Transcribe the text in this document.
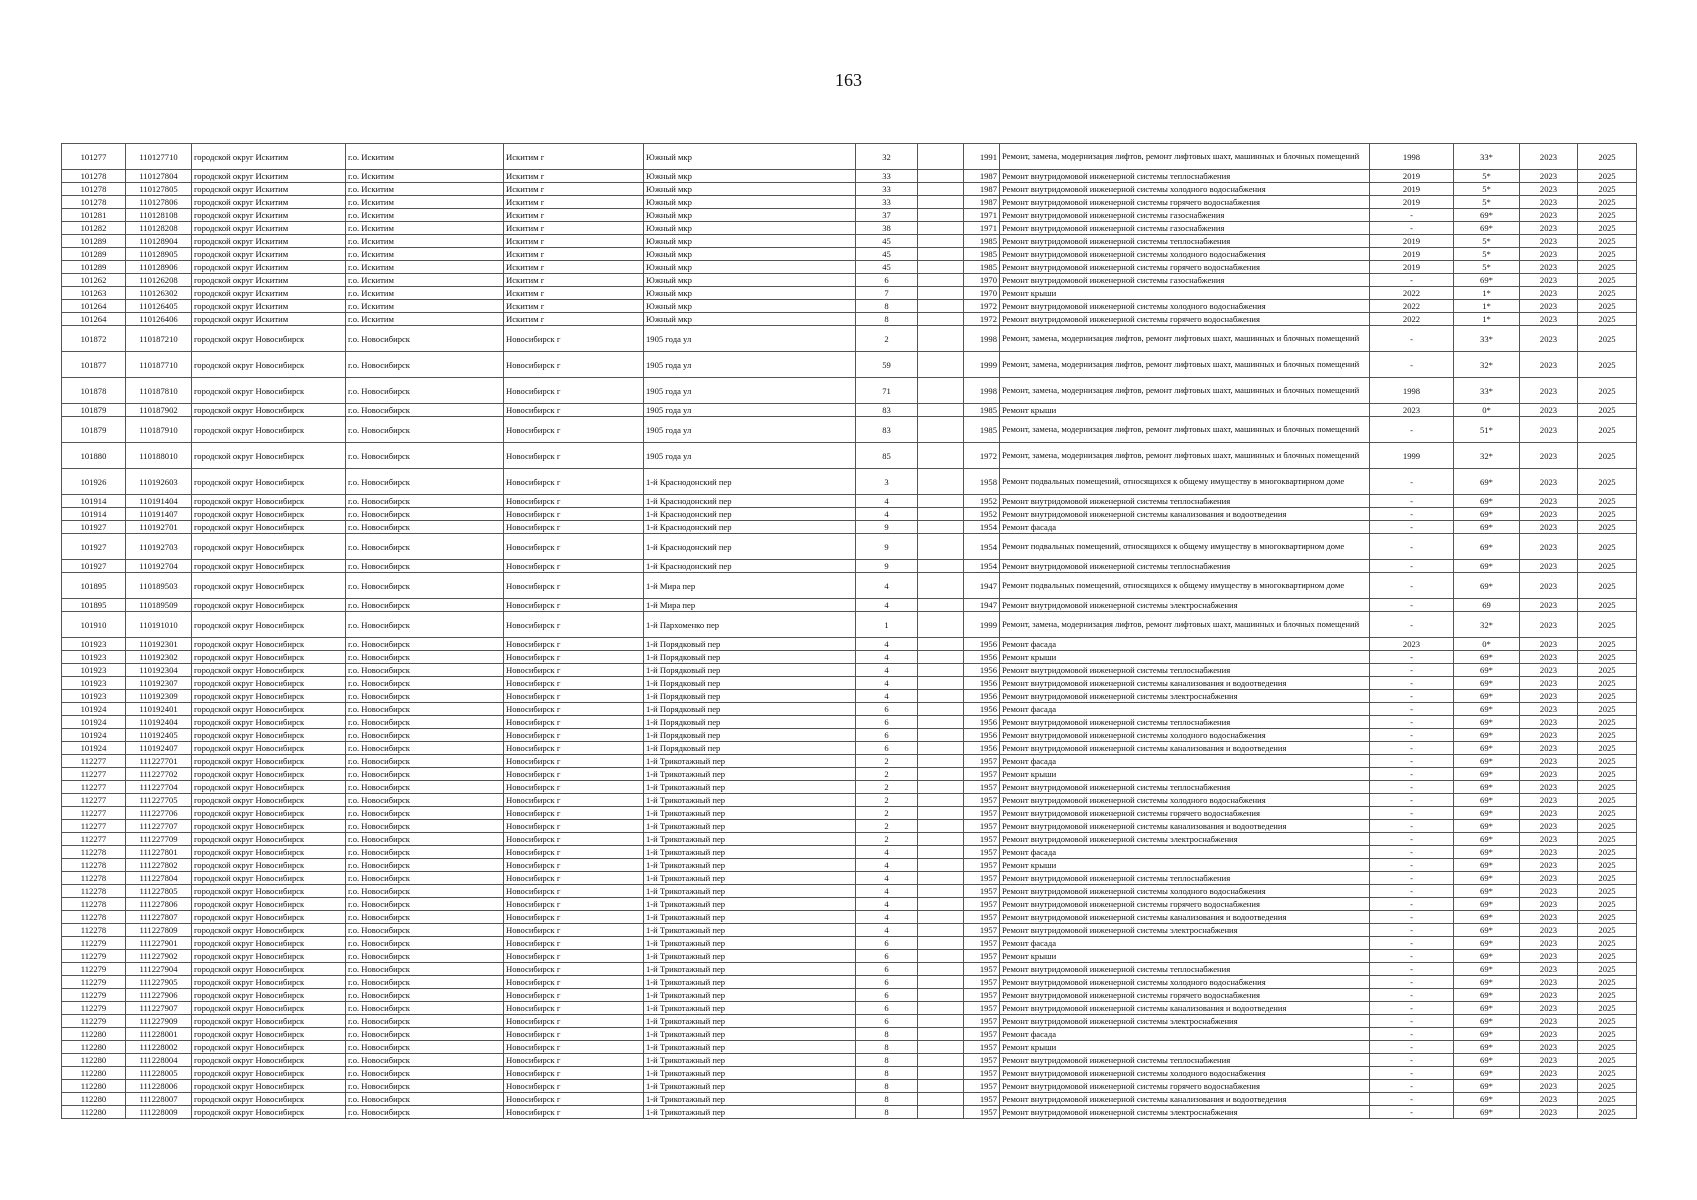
163
101277	110127710	городской округ Искитим	г.о. Искитим	Искитим г	Южный мкр	32		1991	Ремонт, замена, модернизация лифтов, ремонт лифтовых шахт, машинных и блочных помещений	1998	33*	2023	2025
101278	110127804	городской округ Искитим	г.о. Искитим	Искитим г	Южный мкр	33		1987	Ремонт внутридомовой инженерной системы теплоснабжения	2019	5*	2023	2025
101278	110127805	городской округ Искитим	г.о. Искитим	Искитим г	Южный мкр	33		1987	Ремонт внутридомовой инженерной системы холодного водоснабжения	2019	5*	2023	2025
101278	110127806	городской округ Искитим	г.о. Искитим	Искитим г	Южный мкр	33		1987	Ремонт внутридомовой инженерной системы горячего водоснабжения	2019	5*	2023	2025
101281	110128108	городской округ Искитим	г.о. Искитим	Искитим г	Южный мкр	37		1971	Ремонт внутридомовой инженерной системы газоснабжения	-	69*	2023	2025
101282	110128208	городской округ Искитим	г.о. Искитим	Искитим г	Южный мкр	38		1971	Ремонт внутридомовой инженерной системы газоснабжения	-	69*	2023	2025
101289	110128904	городской округ Искитим	г.о. Искитим	Искитим г	Южный мкр	45		1985	Ремонт внутридомовой инженерной системы теплоснабжения	2019	5*	2023	2025
101289	110128905	городской округ Искитим	г.о. Искитим	Искитим г	Южный мкр	45		1985	Ремонт внутридомовой инженерной системы холодного водоснабжения	2019	5*	2023	2025
101289	110128906	городской округ Искитим	г.о. Искитим	Искитим г	Южный мкр	45		1985	Ремонт внутридомовой инженерной системы горячего водоснабжения	2019	5*	2023	2025
101262	110126208	городской округ Искитим	г.о. Искитим	Искитим г	Южный мкр	6		1970	Ремонт внутридомовой инженерной системы газоснабжения	-	69*	2023	2025
101263	110126302	городской округ Искитим	г.о. Искитим	Искитим г	Южный мкр	7		1970	Ремонт крыши	2022	1*	2023	2025
101264	110126405	городской округ Искитим	г.о. Искитим	Искитим г	Южный мкр	8		1972	Ремонт внутридомовой инженерной системы холодного водоснабжения	2022	1*	2023	2025
101264	110126406	городской округ Искитим	г.о. Искитим	Искитим г	Южный мкр	8		1972	Ремонт внутридомовой инженерной системы горячего водоснабжения	2022	1*	2023	2025
101872	110187210	городской округ Новосибирск	г.о. Новосибирск	Новосибирск г	1905 года ул	2		1998	Ремонт, замена, модернизация лифтов, ремонт лифтовых шахт, машинных и блочных помещений	-	33*	2023	2025
101877	110187710	городской округ Новосибирск	г.о. Новосибирск	Новосибирск г	1905 года ул	59		1999	Ремонт, замена, модернизация лифтов, ремонт лифтовых шахт, машинных и блочных помещений	-	32*	2023	2025
101878	110187810	городской округ Новосибирск	г.о. Новосибирск	Новосибирск г	1905 года ул	71		1998	Ремонт, замена, модернизация лифтов, ремонт лифтовых шахт, машинных и блочных помещений	1998	33*	2023	2025
101879	110187902	городской округ Новосибирск	г.о. Новосибирск	Новосибирск г	1905 года ул	83		1985	Ремонт крыши	2023	0*	2023	2025
101879	110187910	городской округ Новосибирск	г.о. Новосибирск	Новосибирск г	1905 года ул	83		1985	Ремонт, замена, модернизация лифтов, ремонт лифтовых шахт, машинных и блочных помещений	-	51*	2023	2025
101880	110188010	городской округ Новосибирск	г.о. Новосибирск	Новосибирск г	1905 года ул	85		1972	Ремонт, замена, модернизация лифтов, ремонт лифтовых шахт, машинных и блочных помещений	1999	32*	2023	2025
101926	110192603	городской округ Новосибирск	г.о. Новосибирск	Новосибирск г	1-й Краснодонский пер	3		1958	Ремонт подвальных помещений, относящихся к общему имуществу в многоквартирном доме	-	69*	2023	2025
101914	110191404	городской округ Новосибирск	г.о. Новосибирск	Новосибирск г	1-й Краснодонский пер	4		1952	Ремонт внутридомовой инженерной системы теплоснабжения	-	69*	2023	2025
101914	110191407	городской округ Новосибирск	г.о. Новосибирск	Новосибирск г	1-й Краснодонский пер	4		1952	Ремонт внутридомовой инженерной системы канализования и водоотведения	-	69*	2023	2025
101927	110192701	городской округ Новосибирск	г.о. Новосибирск	Новосибирск г	1-й Краснодонский пер	9		1954	Ремонт фасада	-	69*	2023	2025
101927	110192703	городской округ Новосибирск	г.о. Новосибирск	Новосибирск г	1-й Краснодонский пер	9		1954	Ремонт подвальных помещений, относящихся к общему имуществу в многоквартирном доме	-	69*	2023	2025
101927	110192704	городской округ Новосибирск	г.о. Новосибирск	Новосибирск г	1-й Краснодонский пер	9		1954	Ремонт внутридомовой инженерной системы теплоснабжения	-	69*	2023	2025
101895	110189503	городской округ Новосибирск	г.о. Новосибирск	Новосибирск г	1-й Мира пер	4		1947	Ремонт подвальных помещений, относящихся к общему имуществу в многоквартирном доме	-	69*	2023	2025
101895	110189509	городской округ Новосибирск	г.о. Новосибирск	Новосибирск г	1-й Мира пер	4		1947	Ремонт внутридомовой инженерной системы электроснабжения	-	69	2023	2025
101910	110191010	городской округ Новосибирск	г.о. Новосибирск	Новосибирск г	1-й Пархоменко пер	1		1999	Ремонт, замена, модернизация лифтов, ремонт лифтовых шахт, машинных и блочных помещений	-	32*	2023	2025
101923	110192301	городской округ Новосибирск	г.о. Новосибирск	Новосибирск г	1-й Порядковый пер	4		1956	Ремонт фасада	2023	0*	2023	2025
101923	110192302	городской округ Новосибирск	г.о. Новосибирск	Новосибирск г	1-й Порядковый пер	4		1956	Ремонт крыши	-	69*	2023	2025
101923	110192304	городской округ Новосибирск	г.о. Новосибирск	Новосибирск г	1-й Порядковый пер	4		1956	Ремонт внутридомовой инженерной системы теплоснабжения	-	69*	2023	2025
101923	110192307	городской округ Новосибирск	г.о. Новосибирск	Новосибирск г	1-й Порядковый пер	4		1956	Ремонт внутридомовой инженерной системы канализования и водоотведения	-	69*	2023	2025
101923	110192309	городской округ Новосибирск	г.о. Новосибирск	Новосибирск г	1-й Порядковый пер	4		1956	Ремонт внутридомовой инженерной системы электроснабжения	-	69*	2023	2025
101924	110192401	городской округ Новосибирск	г.о. Новосибирск	Новосибирск г	1-й Порядковый пер	6		1956	Ремонт фасада	-	69*	2023	2025
101924	110192404	городской округ Новосибирск	г.о. Новосибирск	Новосибирск г	1-й Порядковый пер	6		1956	Ремонт внутридомовой инженерной системы теплоснабжения	-	69*	2023	2025
101924	110192405	городской округ Новосибирск	г.о. Новосибирск	Новосибирск г	1-й Порядковый пер	6		1956	Ремонт внутридомовой инженерной системы холодного водоснабжения	-	69*	2023	2025
101924	110192407	городской округ Новосибирск	г.о. Новосибирск	Новосибирск г	1-й Порядковый пер	6		1956	Ремонт внутридомовой инженерной системы канализования и водоотведения	-	69*	2023	2025
112277	111227701	городской округ Новосибирск	г.о. Новосибирск	Новосибирск г	1-й Трикотажный пер	2		1957	Ремонт фасада	-	69*	2023	2025
112277	111227702	городской округ Новосибирск	г.о. Новосибирск	Новосибирск г	1-й Трикотажный пер	2		1957	Ремонт крыши	-	69*	2023	2025
112277	111227704	городской округ Новосибирск	г.о. Новосибирск	Новосибирск г	1-й Трикотажный пер	2		1957	Ремонт внутридомовой инженерной системы теплоснабжения	-	69*	2023	2025
112277	111227705	городской округ Новосибирск	г.о. Новосибирск	Новосибирск г	1-й Трикотажный пер	2		1957	Ремонт внутридомовой инженерной системы холодного водоснабжения	-	69*	2023	2025
112277	111227706	городской округ Новосибирск	г.о. Новосибирск	Новосибирск г	1-й Трикотажный пер	2		1957	Ремонт внутридомовой инженерной системы горячего водоснабжения	-	69*	2023	2025
112277	111227707	городской округ Новосибирск	г.о. Новосибирск	Новосибирск г	1-й Трикотажный пер	2		1957	Ремонт внутридомовой инженерной системы канализования и водоотведения	-	69*	2023	2025
112277	111227709	городской округ Новосибирск	г.о. Новосибирск	Новосибирск г	1-й Трикотажный пер	2		1957	Ремонт внутридомовой инженерной системы электроснабжения	-	69*	2023	2025
112278	111227801	городской округ Новосибирск	г.о. Новосибирск	Новосибирск г	1-й Трикотажный пер	4		1957	Ремонт фасада	-	69*	2023	2025
112278	111227802	городской округ Новосибирск	г.о. Новосибирск	Новосибирск г	1-й Трикотажный пер	4		1957	Ремонт крыши	-	69*	2023	2025
112278	111227804	городской округ Новосибирск	г.о. Новосибирск	Новосибирск г	1-й Трикотажный пер	4		1957	Ремонт внутридомовой инженерной системы теплоснабжения	-	69*	2023	2025
112278	111227805	городской округ Новосибирск	г.о. Новосибирск	Новосибирск г	1-й Трикотажный пер	4		1957	Ремонт внутридомовой инженерной системы холодного водоснабжения	-	69*	2023	2025
112278	111227806	городской округ Новосибирск	г.о. Новосибирск	Новосибирск г	1-й Трикотажный пер	4		1957	Ремонт внутридомовой инженерной системы горячего водоснабжения	-	69*	2023	2025
112278	111227807	городской округ Новосибирск	г.о. Новосибирск	Новосибирск г	1-й Трикотажный пер	4		1957	Ремонт внутридомовой инженерной системы канализования и водоотведения	-	69*	2023	2025
112278	111227809	городской округ Новосибирск	г.о. Новосибирск	Новосибирск г	1-й Трикотажный пер	4		1957	Ремонт внутридомовой инженерной системы электроснабжения	-	69*	2023	2025
112279	111227901	городской округ Новосибирск	г.о. Новосибирск	Новосибирск г	1-й Трикотажный пер	6		1957	Ремонт фасада	-	69*	2023	2025
112279	111227902	городской округ Новосибирск	г.о. Новосибирск	Новосибирск г	1-й Трикотажный пер	6		1957	Ремонт крыши	-	69*	2023	2025
112279	111227904	городской округ Новосибирск	г.о. Новосибирск	Новосибирск г	1-й Трикотажный пер	6		1957	Ремонт внутридомовой инженерной системы теплоснабжения	-	69*	2023	2025
112279	111227905	городской округ Новосибирск	г.о. Новосибирск	Новосибирск г	1-й Трикотажный пер	6		1957	Ремонт внутридомовой инженерной системы холодного водоснабжения	-	69*	2023	2025
112279	111227906	городской округ Новосибирск	г.о. Новосибирск	Новосибирск г	1-й Трикотажный пер	6		1957	Ремонт внутридомовой инженерной системы горячего водоснабжения	-	69*	2023	2025
112279	111227907	городской округ Новосибирск	г.о. Новосибирск	Новосибирск г	1-й Трикотажный пер	6		1957	Ремонт внутридомовой инженерной системы канализования и водоотведения	-	69*	2023	2025
112279	111227909	городской округ Новосибирск	г.о. Новосибирск	Новосибирск г	1-й Трикотажный пер	6		1957	Ремонт внутридомовой инженерной системы электроснабжения	-	69*	2023	2025
112280	111228001	городской округ Новосибирск	г.о. Новосибирск	Новосибирск г	1-й Трикотажный пер	8		1957	Ремонт фасада	-	69*	2023	2025
112280	111228002	городской округ Новосибирск	г.о. Новосибирск	Новосибирск г	1-й Трикотажный пер	8		1957	Ремонт крыши	-	69*	2023	2025
112280	111228004	городской округ Новосибирск	г.о. Новосибирск	Новосибирск г	1-й Трикотажный пер	8		1957	Ремонт внутридомовой инженерной системы теплоснабжения	-	69*	2023	2025
112280	111228005	городской округ Новосибирск	г.о. Новосибирск	Новосибирск г	1-й Трикотажный пер	8		1957	Ремонт внутридомовой инженерной системы холодного водоснабжения	-	69*	2023	2025
112280	111228006	городской округ Новосибирск	г.о. Новосибирск	Новосибирск г	1-й Трикотажный пер	8		1957	Ремонт внутридомовой инженерной системы горячего водоснабжения	-	69*	2023	2025
112280	111228007	городской округ Новосибирск	г.о. Новосибирск	Новосибирск г	1-й Трикотажный пер	8		1957	Ремонт внутридомовой инженерной системы канализования и водоотведения	-	69*	2023	2025
112280	111228009	городской округ Новосибирск	г.о. Новосибирск	Новосибирск г	1-й Трикотажный пер	8		1957	Ремонт внутридомовой инженерной системы электроснабжения	-	69*	2023	2025
